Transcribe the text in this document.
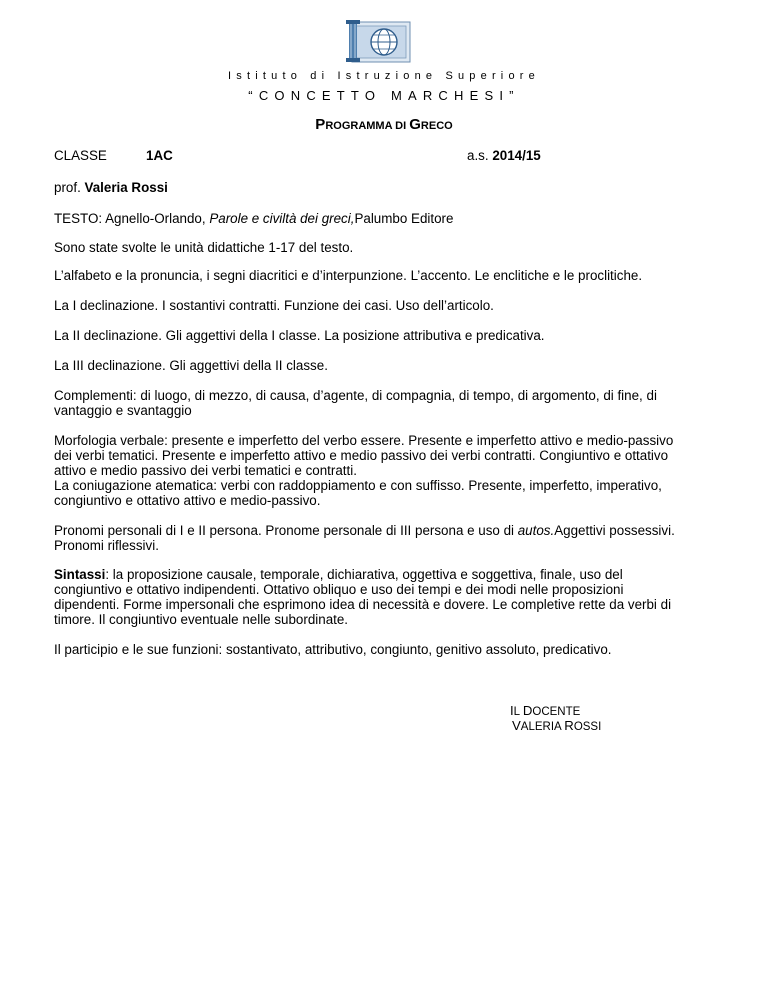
Istituto di Istruzione Superiore
“CONCETTO MARCHESI”
PROGRAMMA DI GRECO
CLASSE	1AC	a.s. 2014/15
prof. Valeria Rossi
TESTO: Agnello-Orlando, Parole e civiltà dei greci,Palumbo Editore
Sono state svolte le unità didattiche 1-17 del testo.
L’alfabeto e la pronuncia, i segni diacritici e d’interpunzione. L’accento. Le enclitiche e le proclitiche.
La I declinazione. I sostantivi contratti. Funzione dei casi. Uso dell’articolo.
La II declinazione. Gli aggettivi della I classe. La posizione attributiva e predicativa.
La III declinazione. Gli aggettivi della II classe.
Complementi: di luogo, di mezzo, di causa, d’agente, di compagnia, di tempo, di argomento, di fine, di
vantaggio e svantaggio
Morfologia verbale: presente e imperfetto del verbo essere. Presente e imperfetto attivo e medio-passivo
dei verbi tematici. Presente e imperfetto attivo e medio passivo dei verbi contratti. Congiuntivo e ottativo
attivo e medio passivo dei verbi tematici e contratti.
La coniugazione atematica: verbi con raddoppiamento e con suffisso. Presente, imperfetto, imperativo,
congiuntivo e ottativo attivo e medio-passivo.
Pronomi personali di I e II persona. Pronome personale di III persona e uso di autos.Aggettivi possessivi.
Pronomi riflessivi.
Sintassi: la proposizione causale, temporale, dichiarativa, oggettiva e soggettiva, finale, uso del
congiuntivo e ottativo indipendenti. Ottativo obliquo e uso dei tempi e dei modi nelle proposizioni
dipendenti. Forme impersonali che esprimono idea di necessità e dovere. Le completive rette da verbi di
timore. Il congiuntivo eventuale nelle subordinate.
Il participio e le sue funzioni: sostantivato, attributivo, congiunto, genitivo assoluto, predicativo.
IL DOCENTE
VALERIA ROSSI
